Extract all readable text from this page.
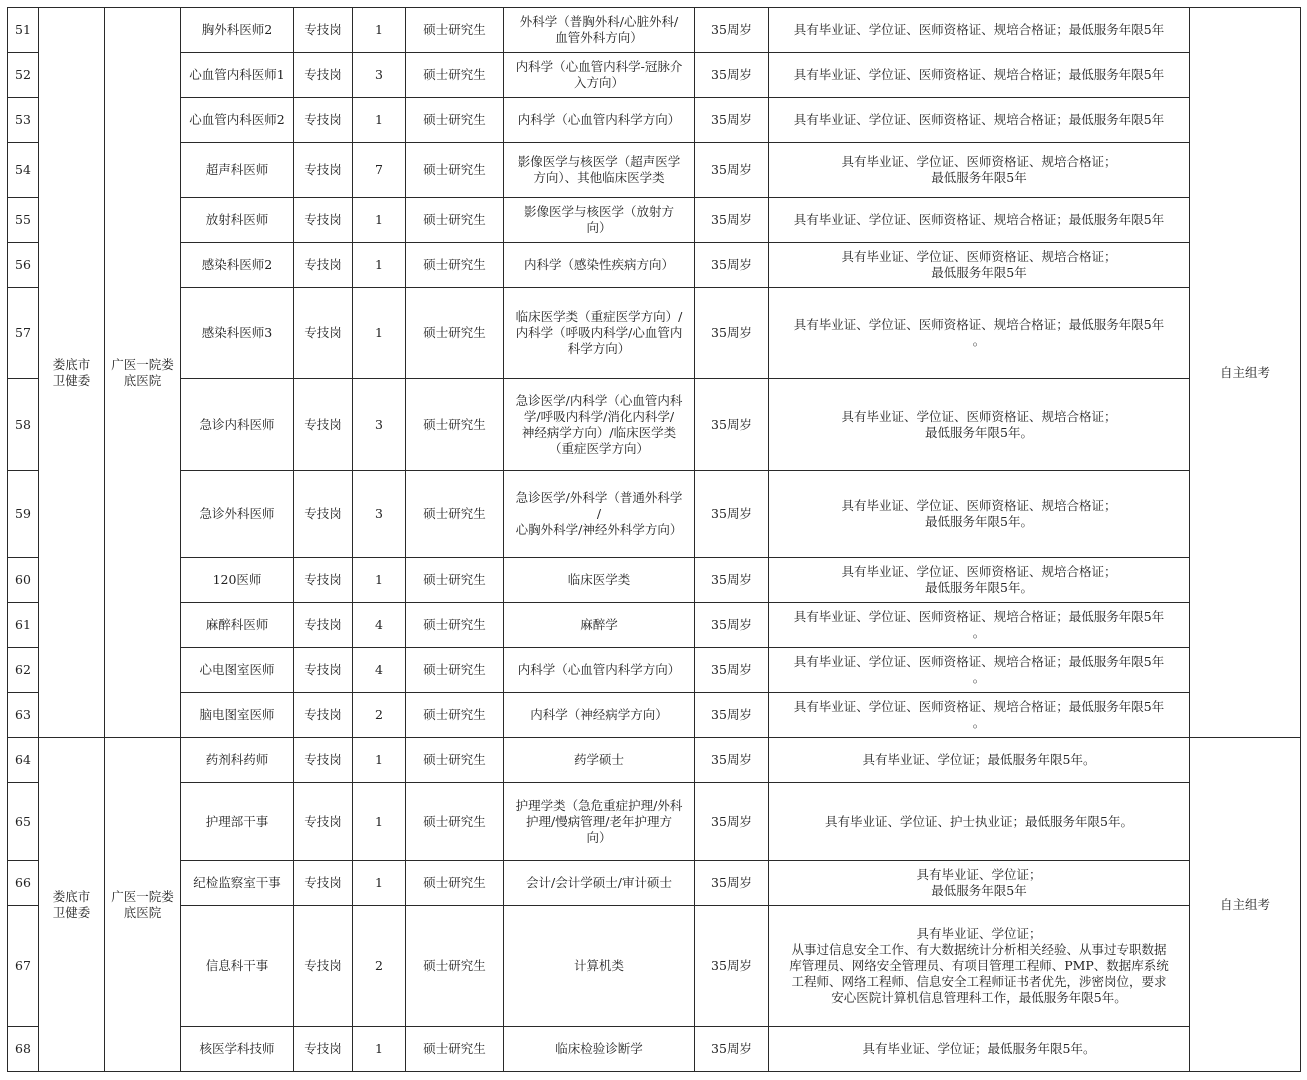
51	娄底市
卫健委	广医一院娄
底医院	胸外科医师2	专技岗	1	硕士研究生	外科学（普胸外科/心脏外科/
血管外科方向）	35周岁	具有毕业证、学位证、医师资格证、规培合格证；最低服务年限5年	自主组考
52			心血管内科医师1	专技岗	3	硕士研究生	内科学（心血管内科学-冠脉介
入方向）	35周岁	具有毕业证、学位证、医师资格证、规培合格证；最低服务年限5年	
53			心血管内科医师2	专技岗	1	硕士研究生	内科学（心血管内科学方向）	35周岁	具有毕业证、学位证、医师资格证、规培合格证；最低服务年限5年	
54			超声科医师	专技岗	7	硕士研究生	影像医学与核医学（超声医学
方向）、其他临床医学类	35周岁	具有毕业证、学位证、医师资格证、规培合格证；
最低服务年限5年	
55			放射科医师	专技岗	1	硕士研究生	影像医学与核医学（放射方
向）	35周岁	具有毕业证、学位证、医师资格证、规培合格证；最低服务年限5年	
56			感染科医师2	专技岗	1	硕士研究生	内科学（感染性疾病方向）	35周岁	具有毕业证、学位证、医师资格证、规培合格证；
最低服务年限5年	
57			感染科医师3	专技岗	1	硕士研究生	临床医学类（重症医学方向）/
内科学（呼吸内科学/心血管内
科学方向）	35周岁	具有毕业证、学位证、医师资格证、规培合格证；最低服务年限5年
。	
58			急诊内科医师	专技岗	3	硕士研究生	急诊医学/内科学（心血管内科
学/呼吸内科学/消化内科学/
神经病学方向）/临床医学类
（重症医学方向）	35周岁	具有毕业证、学位证、医师资格证、规培合格证；
最低服务年限5年。	
59			急诊外科医师	专技岗	3	硕士研究生	急诊医学/外科学（普通外科学
/
心胸外科学/神经外科学方向）	35周岁	具有毕业证、学位证、医师资格证、规培合格证；
最低服务年限5年。	
60			120医师	专技岗	1	硕士研究生	临床医学类	35周岁	具有毕业证、学位证、医师资格证、规培合格证；
最低服务年限5年。	
61			麻醉科医师	专技岗	4	硕士研究生	麻醉学	35周岁	具有毕业证、学位证、医师资格证、规培合格证；最低服务年限5年
。	
62			心电图室医师	专技岗	4	硕士研究生	内科学（心血管内科学方向）	35周岁	具有毕业证、学位证、医师资格证、规培合格证；最低服务年限5年
。	
63			脑电图室医师	专技岗	2	硕士研究生	内科学（神经病学方向）	35周岁	具有毕业证、学位证、医师资格证、规培合格证；最低服务年限5年
。	
64	娄底市
卫健委	广医一院娄
底医院	药剂科药师	专技岗	1	硕士研究生	药学硕士	35周岁	具有毕业证、学位证；最低服务年限5年。	自主组考
65			护理部干事	专技岗	1	硕士研究生	护理学类（急危重症护理/外科
护理/慢病管理/老年护理方
向）	35周岁	具有毕业证、学位证、护士执业证；最低服务年限5年。	
66			纪检监察室干事	专技岗	1	硕士研究生	会计/会计学硕士/审计硕士	35周岁	具有毕业证、学位证；
最低服务年限5年	
67			信息科干事	专技岗	2	硕士研究生	计算机类	35周岁	具有毕业证、学位证；
从事过信息安全工作、有大数据统计分析相关经验、从事过专职数据
库管理员、网络安全管理员、有项目管理工程师、PMP、数据库系统
工程师、网络工程师、信息安全工程师证书者优先，涉密岗位，要求
安心医院计算机信息管理科工作，最低服务年限5年。	
68			核医学科技师	专技岗	1	硕士研究生	临床检验诊断学	35周岁	具有毕业证、学位证；最低服务年限5年。	
